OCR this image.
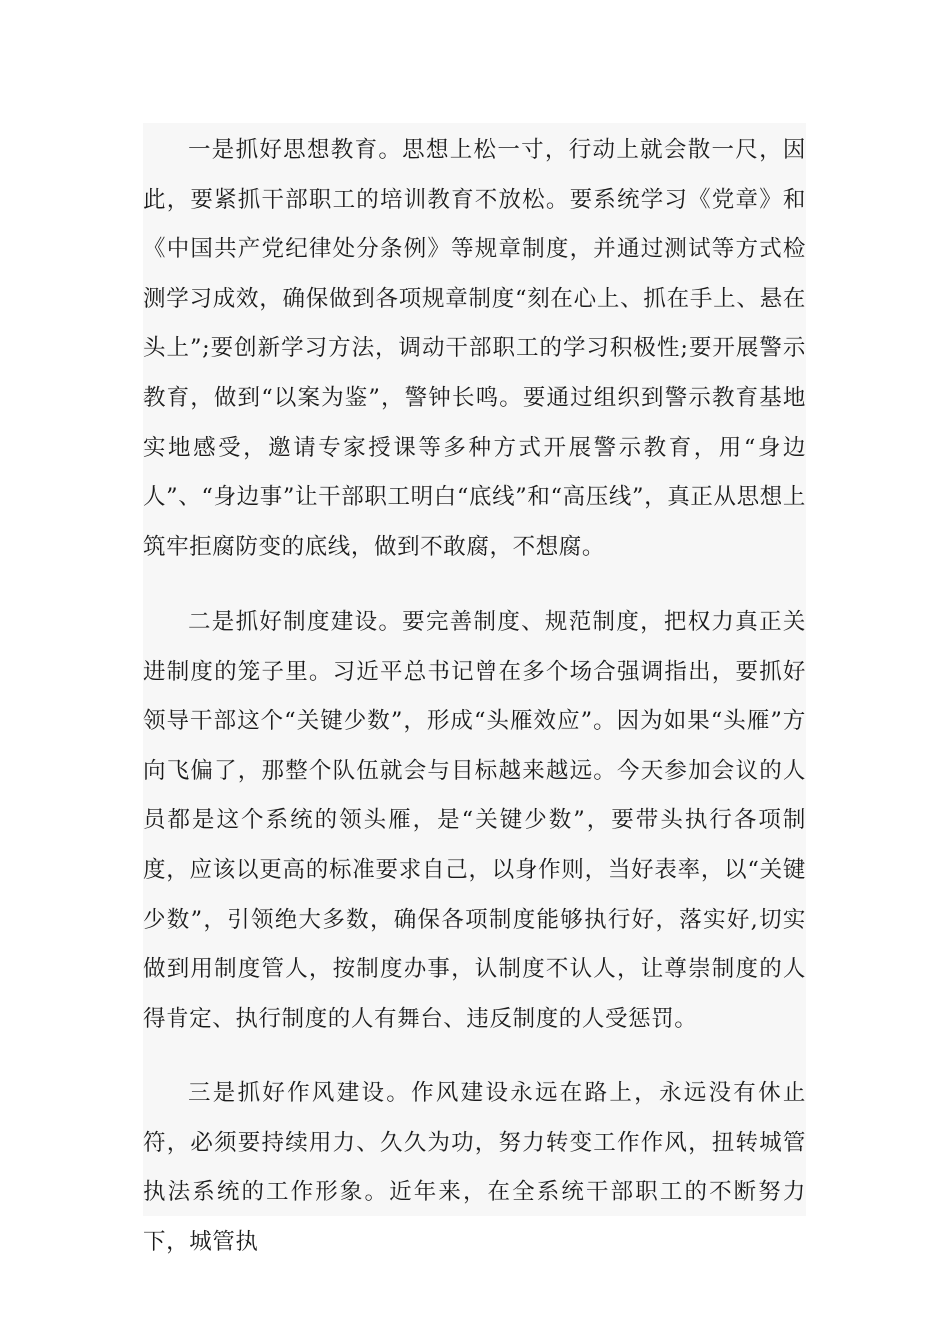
一是抓好思想教育。思想上松一寸，行动上就会散一尺，因此，要紧抓干部职工的培训教育不放松。要系统学习《党章》和《中国共产党纪律处分条例》等规章制度，并通过测试等方式检测学习成效，确保做到各项规章制度“刻在心上、抓在手上、悬在头上”;要创新学习方法，调动干部职工的学习积极性;要开展警示教育，做到“以案为鉴”，警钟长鸣。要通过组织到警示教育基地实地感受，邀请专家授课等多种方式开展警示教育，用“身边人”、“身边事”让干部职工明白“底线”和“高压线”，真正从思想上筑牢拒腐防变的底线，做到不敢腐，不想腐。

二是抓好制度建设。要完善制度、规范制度，把权力真正关进制度的笼子里。习近平总书记曾在多个场合强调指出，要抓好领导干部这个“关键少数”，形成“头雁效应”。因为如果“头雁”方向飞偏了，那整个队伍就会与目标越来越远。今天参加会议的人员都是这个系统的领头雁，是“关键少数”，要带头执行各项制度，应该以更高的标准要求自己，以身作则，当好表率，以“关键少数”，引领绝大多数，确保各项制度能够执行好，落实好,切实做到用制度管人，按制度办事，认制度不认人，让尊崇制度的人得肯定、执行制度的人有舞台、违反制度的人受惩罚。

三是抓好作风建设。作风建设永远在路上，永远没有休止符，必须要持续用力、久久为功，努力转变工作作风，扭转城管执法系统的工作形象。近年来，在全系统干部职工的不断努力下，城管执
